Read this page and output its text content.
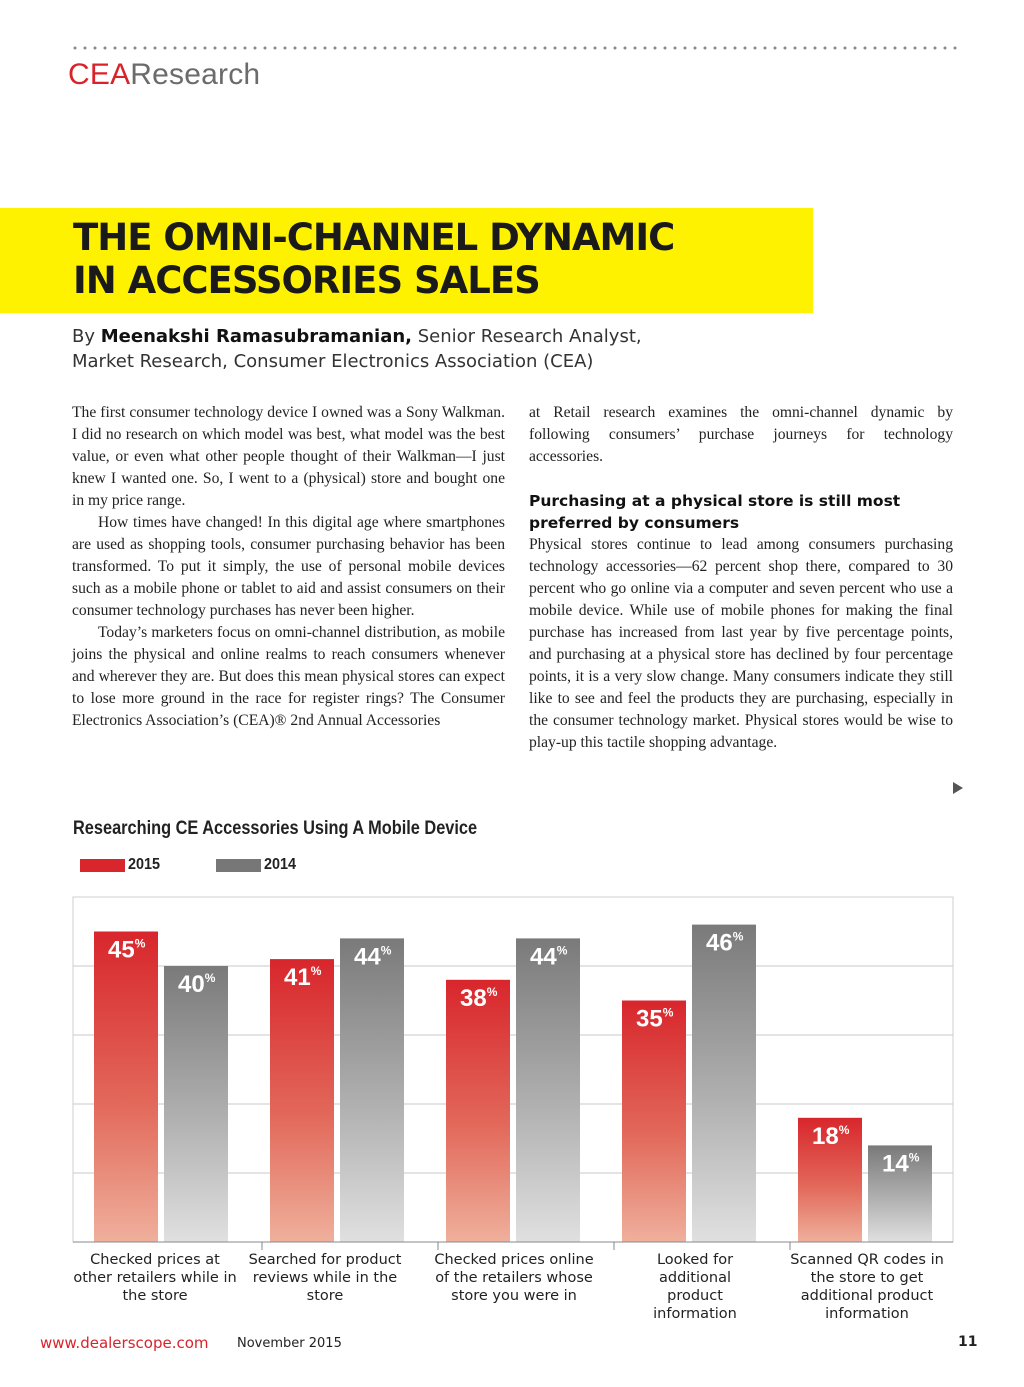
CEAResearch
THE OMNI-CHANNEL DYNAMIC
IN ACCESSORIES SALES
By Meenakshi Ramasubramanian, Senior Research Analyst,
Market Research, Consumer Electronics Association (CEA)

The first consumer technology device I owned was a Sony Walkman. I did no research on which model was best, what model was the best value, or even what other people thought of their Walkman—I just knew I wanted one. So, I went to a (physical) store and bought one in my price range.

How times have changed! In this digital age where smartphones are used as shopping tools, consumer purchasing behavior has been transformed. To put it simply, the use of personal mobile devices such as a mobile phone or tablet to aid and assist consumers on their consumer technology purchases has never been higher.

Today’s marketers focus on omni-channel distribution, as mobile joins the physical and online realms to reach consumers whenever and wherever they are. But does this mean physical stores can expect to lose more ground in the race for register rings? The Consumer Electronics Association’s (CEA)® 2nd Annual Accessories

at Retail research examines the omni-channel dynamic by following consumers’ purchase journeys for technology accessories.

Purchasing at a physical store is still most preferred by consumers

Physical stores continue to lead among consumers purchasing technology accessories—62 percent shop there, compared to 30 percent who go online via a computer and seven percent who use a mobile device. While use of mobile phones for making the final purchase has increased from last year by five percentage points, and purchasing at a physical store has declined by four percentage points, it is a very slow change. Many consumers indicate they still like to see and feel the products they are purchasing, especially in the consumer technology market. Physical stores would be wise to play-up this tactile shopping advantage.

Researching CE Accessories Using A Mobile Device
2015	2014
45%
41%
38%
35%
18%
40%
44%	44%	46%
14%
Checked prices at other retailers while in the store
Searched for product reviews while in the store
Checked prices online of the retailers whose store you were in
Looked for additional product information
Scanned QR codes in the store to get additional product information
www.dealerscope.com November 2015	11
